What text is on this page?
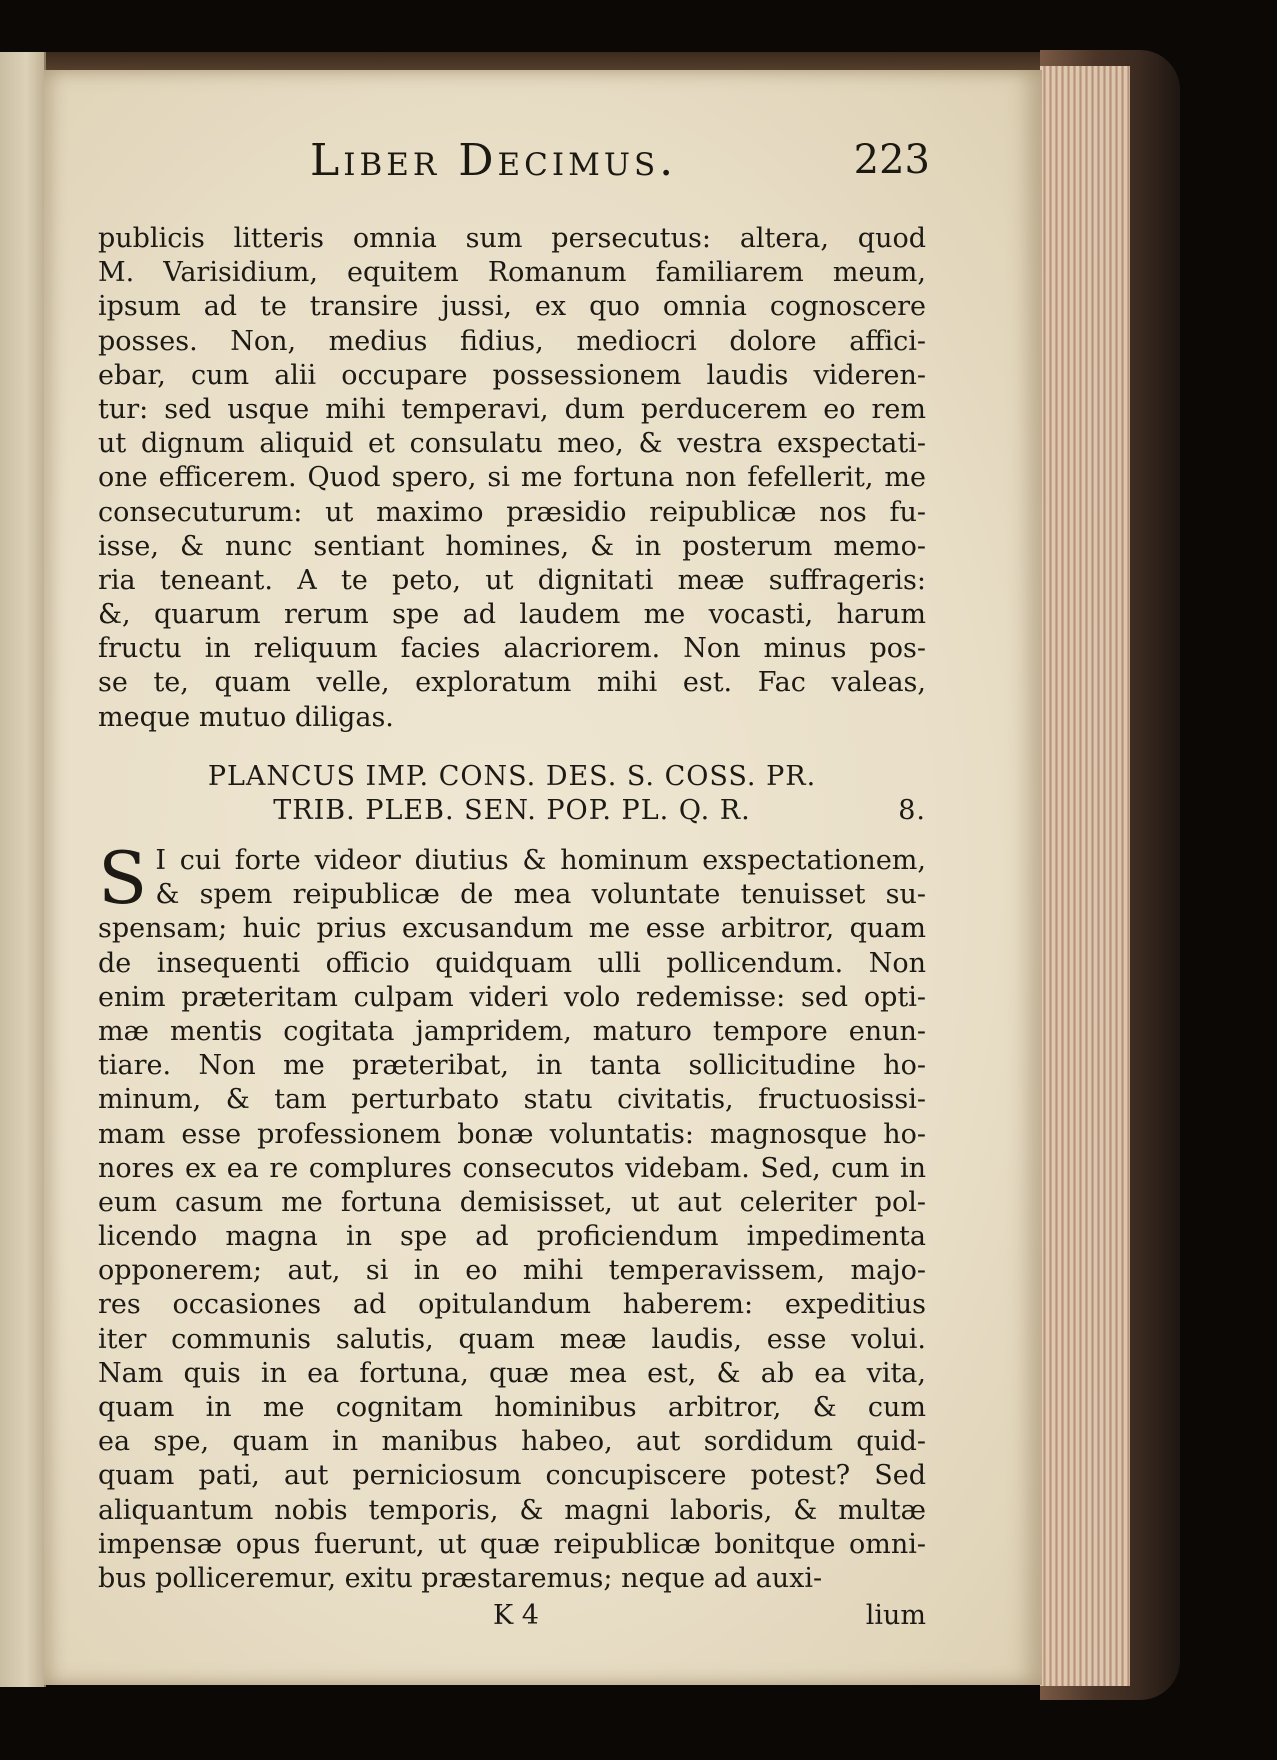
Liber Decimus.	223
publicis litteris omnia sum persecutus: altera, quod
M. Varisidium, equitem Romanum familiarem meum,
ipsum ad te transire jussi, ex quo omnia cognoscere
posses. Non, medius fidius, mediocri dolore affici-
ebar, cum alii occupare possessionem laudis videren-
tur: sed usque mihi temperavi, dum perducerem eo rem
ut dignum aliquid et consulatu meo, & vestra exspectati-
one efficerem. Quod spero, si me fortuna non fefellerit, me
consecuturum: ut maximo præsidio reipublicæ nos fu-
isse, & nunc sentiant homines, & in posterum memo-
ria teneant. A te peto, ut dignitati meæ suffrageris:
&, quarum rerum spe ad laudem me vocasti, harum
fructu in reliquum facies alacriorem. Non minus pos-
se te, quam velle, exploratum mihi est. Fac valeas,
meque mutuo diligas.
PLANCUS IMP. CONS. DES. S. COSS. PR.
TRIB. PLEB. SEN. POP. PL. Q. R.	8.
S I cui forte videor diutius & hominum exspectationem,
& spem reipublicæ de mea voluntate tenuisset su-
spensam; huic prius excusandum me esse arbitror, quam
de insequenti officio quidquam ulli pollicendum. Non
enim præteritam culpam videri volo redemisse: sed opti-
mæ mentis cogitata jampridem, maturo tempore enun-
tiare. Non me præteribat, in tanta sollicitudine ho-
minum, & tam perturbato statu civitatis, fructuosissi-
mam esse professionem bonæ voluntatis: magnosque ho-
nores ex ea re complures consecutos videbam. Sed, cum in
eum casum me fortuna demisisset, ut aut celeriter pol-
licendo magna in spe ad proficiendum impedimenta
opponerem; aut, si in eo mihi temperavissem, majo-
res occasiones ad opitulandum haberem: expeditius
iter communis salutis, quam meæ laudis, esse volui.
Nam quis in ea fortuna, quæ mea est, & ab ea vita,
quam in me cognitam hominibus arbitror, & cum
ea spe, quam in manibus habeo, aut sordidum quid-
quam pati, aut perniciosum concupiscere potest? Sed
aliquantum nobis temporis, & magni laboris, & multæ
impensæ opus fuerunt, ut quæ reipublicæ bonitque omni-
bus polliceremur, exitu præstaremus; neque ad auxi-
K 4	lium
